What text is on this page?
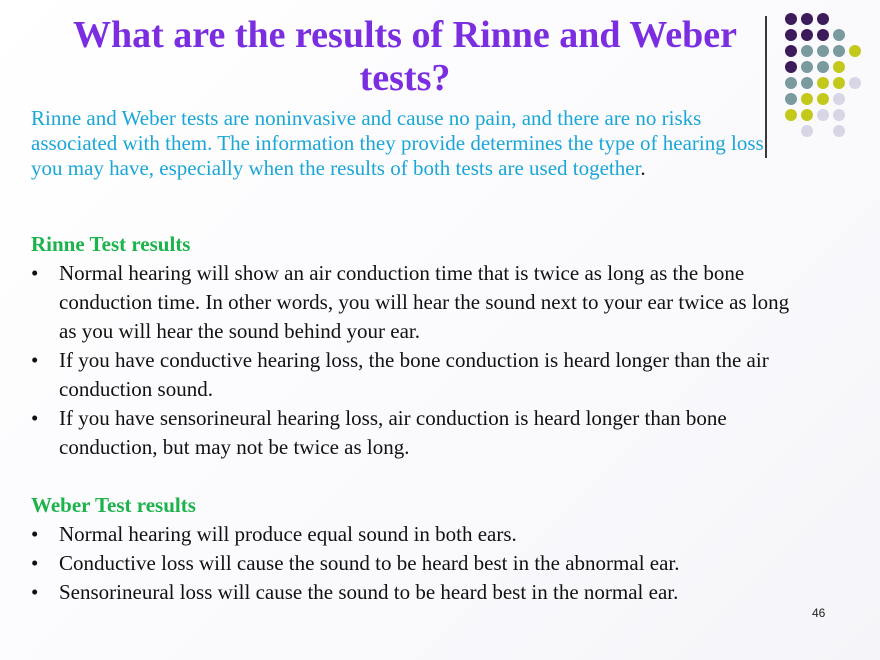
What are the results of Rinne and Weber tests?
Rinne and Weber tests are noninvasive and cause no pain, and there are no risks associated with them. The information they provide determines the type of hearing loss you may have, especially when the results of both tests are used together.
Rinne Test results
• Normal hearing will show an air conduction time that is twice as long as the bone conduction time. In other words, you will hear the sound next to your ear twice as long as you will hear the sound behind your ear.
• If you have conductive hearing loss, the bone conduction is heard longer than the air conduction sound.
• If you have sensorineural hearing loss, air conduction is heard longer than bone conduction, but may not be twice as long.
Weber Test results
• Normal hearing will produce equal sound in both ears.
• Conductive loss will cause the sound to be heard best in the abnormal ear.
• Sensorineural loss will cause the sound to be heard best in the normal ear.
46
